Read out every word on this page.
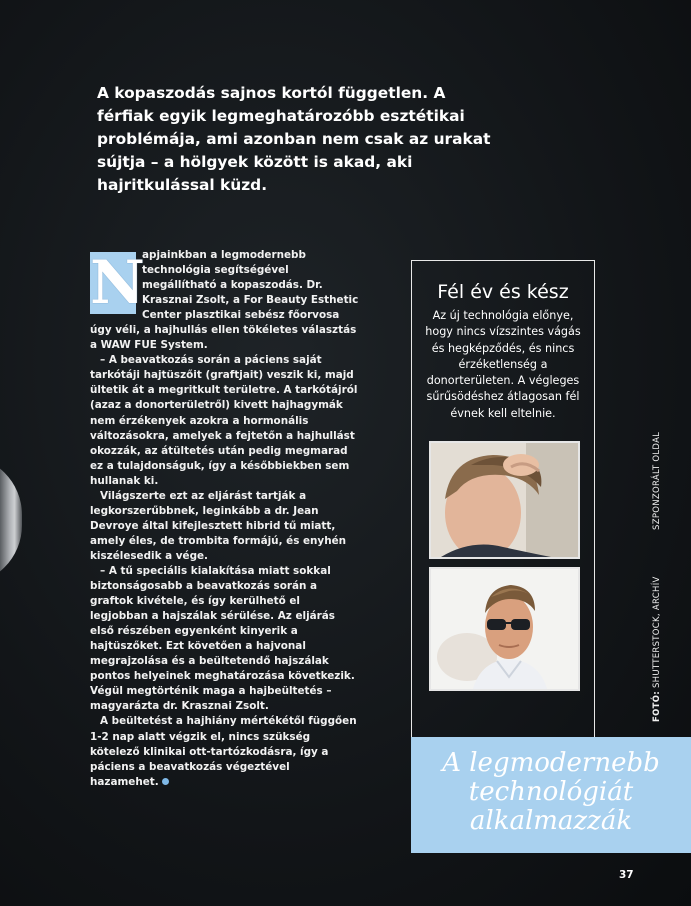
A kopaszodás sajnos kortól független. A férfiak egyik legmeghatározóbb esztétikai problémája, ami azonban nem csak az urakat sújtja – a hölgyek között is akad, aki hajritkulással küzd.

N
apjainkban a legmodernebb technológia segítségével megállítható a kopaszodás. Dr. Krasznai Zsolt, a For Beauty Esthetic Center plasztikai sebész főorvosa úgy véli, a hajhullás ellen tökéletes választás a WAW FUE System.

– A beavatkozás során a páciens saját tarkótáji hajtüszőit (graftjait) veszik ki, majd ültetik át a megritkult területre. A tarkótájról (azaz a donorterületről) kivett hajhagymák nem érzékenyek azokra a hormonális változásokra, amelyek a fejtetőn a hajhullást okozzák, az átültetés után pedig megmarad ez a tulajdonságuk, így a későbbiekben sem hullanak ki.

Világszerte ezt az eljárást tartják a legkorszerűbbnek, leginkább a dr. Jean Devroye által kifejlesztett hibrid tű miatt, amely éles, de trombita formájú, és enyhén kiszélesedik a vége.

– A tű speciális kialakítása miatt sokkal biztonságosabb a beavatkozás során a graftok kivétele, és így kerülhető el legjobban a hajszálak sérülése. Az eljárás első részében egyenként kinyerik a hajtüszőket. Ezt követően a hajvonal megrajzolása és a beültetendő hajszálak pontos helyeinek meghatározása következik. Végül megtörténik maga a hajbeültetés – magyarázta dr. Krasznai Zsolt.

A beültetést a hajhiány mértékétől függően 1-2 nap alatt végzik el, nincs szükség kötelező klinikai ott-tartózkodásra, így a páciens a beavatkozás végeztével hazamehet.

Fél év és kész
Az új technológia előnye, hogy nincs vízszintes vágás és hegképződés, és nincs érzéketlenség a donorterületen. A végleges sűrűsödéshez átlagosan fél évnek kell eltelnie.
FOTÓ: SHUTTERSTOCK, ARCHÍV
SZPONZORÁLT OLDAL
A legmodernebb technológiát alkalmazzák
37
